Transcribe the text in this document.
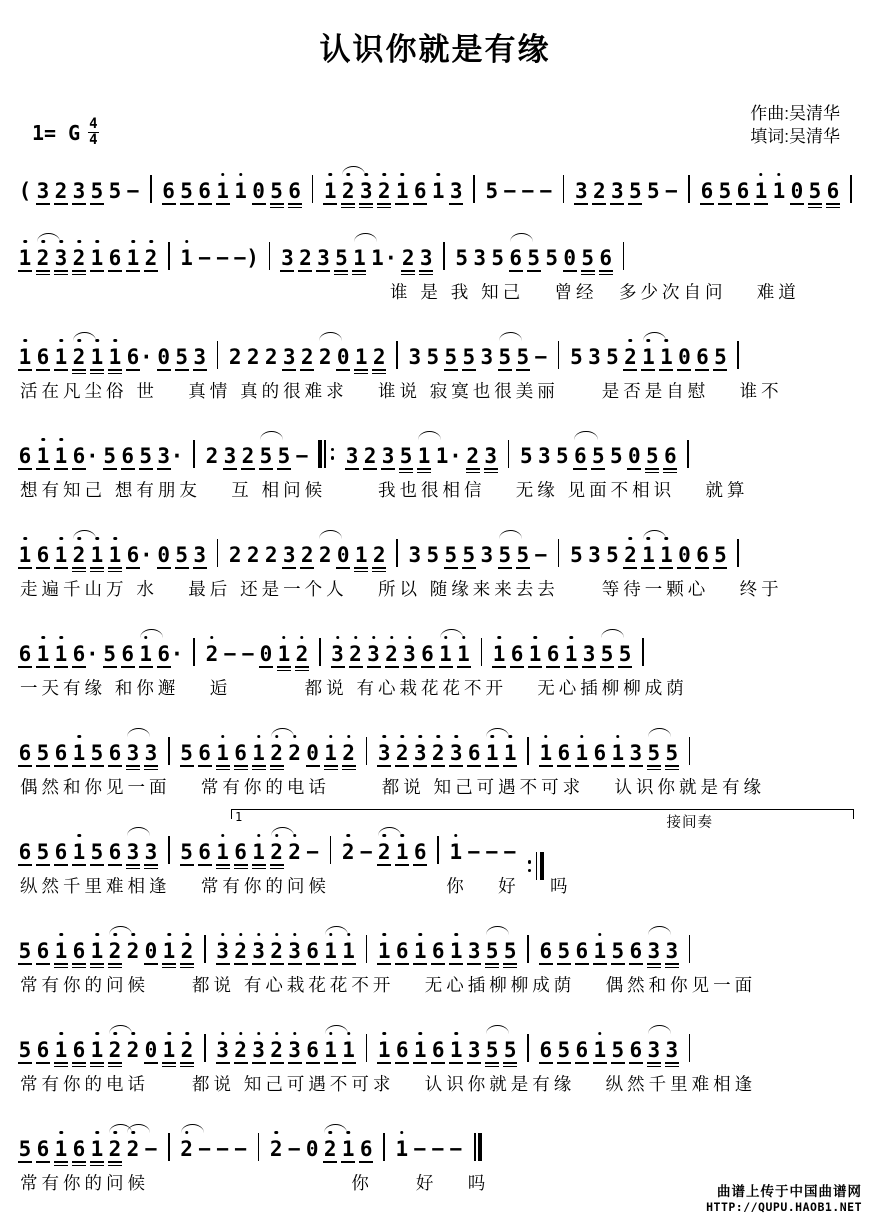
认识你就是有缘
1= G $\frac{4}{4}$
作曲:吴清华
填词:吴清华
( 3 2 3 5 5 − 6 5 6 1 1 0 5 6 1 2 3 2 1 6 1 3 5 − − − 3 2 3 5 5 − 6 5 6 1 1 0 5 6
1 2 3 2 1 6 1 2 1 − − −) 3 2 3 5 1 1· 2 3 5 3 5 6 5 5 0 5 6
谁 是 我 知己　 曾经　多少次自问　 难道
1 6 1 2 1 1 6
· 0 5 3 2 2 2 3 2 2 0 1 2 3 5 5 5 3 5 5 − 5 3 5 2 1 1 0 6 5
活在凡尘俗 世　 真情 真的很难求　 谁说 寂寞也很美丽　　是否是自慰　 谁不
6 1 1 6
· 5 6 5 3
· 2 3 2 5 5 − 3 2 3 5 1 1· 2 3 5 3 5 6 5 5 0 5 6
想有知己 想有朋友　 互 相问候　　 我也很相信　 无缘 见面不相识　 就算
1 6 1 2 1 1 6
· 0 5 3 2 2 2 3 2 2 0 1 2 3 5 5 5 3 5 5 − 5 3 5 2 1 1 0 6 5
走遍千山万 水　 最后 还是一个人　 所以 随缘来来去去　　等待一颗心　 终于
6 1 1 6
· 5 6 1 6
· 2 − − 0 1 2 3 2 3 2 3 6 1 1 1 6 1 6 1 3 5 5
一天有缘 和你邂　 逅　　　 都说 有心栽花花不开　 无心插柳柳成荫
6 5 6 1 5 6 3 3 5 6 1 6 1 2 2 0 1 2 3 2 3 2 3 6 1 1 1 6 1 6 1 3 5 5
偶然和你见一面　 常有你的电话　　 都说 知己可遇不可求　 认识你就是有缘
1	接间奏
6 5 6 1 5 6 3 3 5 6 1 6 1 2 2 − 2 − 2 1 6 1 − − −
纵然千里难相逢　 常有你的问候　　　　　 你　 好　 吗
5 6 1 6 1 2 2 0 1 2 3 2 3 2 3 6 1 1 1 6 1 6 1 3 5 5 6 5 6 1 5 6 3 3
常有你的问候　　都说 有心栽花花不开　 无心插柳柳成荫　 偶然和你见一面
5 6 1 6 1 2 2 0 1 2 3 2 3 2 3 6 1 1 1 6 1 6 1 3 5 5 6 5 6 1 5 6 3 3
常有你的电话　　都说 知己可遇不可求　 认识你就是有缘　 纵然千里难相逢
5 6 1 6 1 2 2 − 2 − − − 2 − 0 2 1 6 1 − − −
常有你的问候　　　　　　　　　 你　　好　 吗	曲谱上传于中国曲谱网
HTTP://QUPU.HAOB1.NET
